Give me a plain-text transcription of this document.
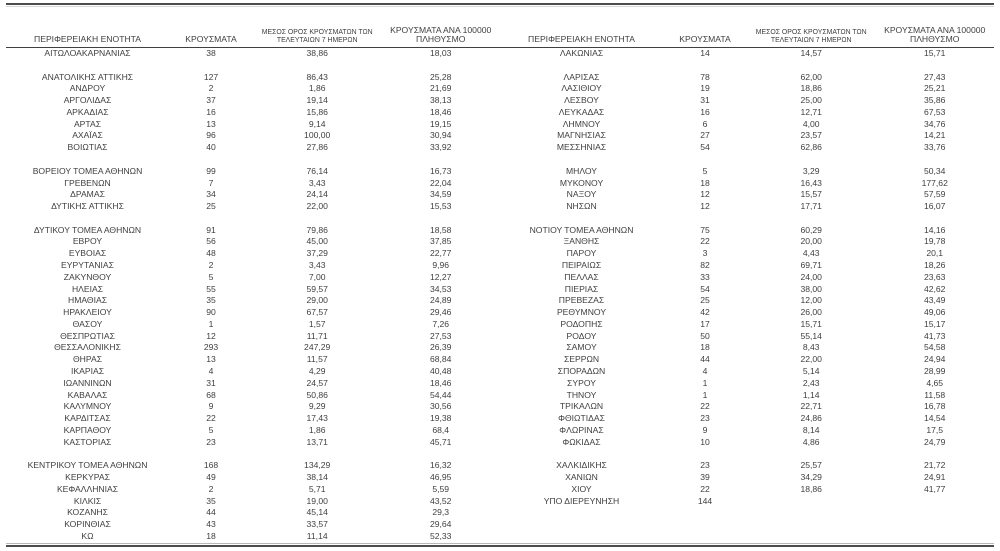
ΠΕΡΙΦΕΡΕΙΑΚΗ ΕΝΟΤΗΤΑ	ΚΡΟΥΣΜΑΤΑ	ΜΕΣΟΣ ΟΡΟΣ ΚΡΟΥΣΜΑΤΩΝ ΤΩΝ ΤΕΛΕΥΤΑΙΩΝ 7 ΗΜΕΡΩΝ	ΚΡΟΥΣΜΑΤΑ ΑΝΑ 100000 ΠΛΗΘΥΣΜΟ
ΑΙΤΩΛΟΑΚΑΡΝΑΝΙΑΣ	38	38,86	18,03

ΑΝΑΤΟΛΙΚΗΣ ΑΤΤΙΚΗΣ	127	86,43	25,28
ΑΝΔΡΟΥ	2	1,86	21,69
ΑΡΓΟΛΙΔΑΣ	37	19,14	38,13
ΑΡΚΑΔΙΑΣ	16	15,86	18,46
ΑΡΤΑΣ	13	9,14	19,15
ΑΧΑΪΑΣ	96	100,00	30,94
ΒΟΙΩΤΙΑΣ	40	27,86	33,92

ΒΟΡΕΙΟΥ ΤΟΜΕΑ ΑΘΗΝΩΝ	99	76,14	16,73
ΓΡΕΒΕΝΩΝ	7	3,43	22,04
ΔΡΑΜΑΣ	34	24,14	34,59
ΔΥΤΙΚΗΣ ΑΤΤΙΚΗΣ	25	22,00	15,53

ΔΥΤΙΚΟΥ ΤΟΜΕΑ ΑΘΗΝΩΝ	91	79,86	18,58
ΕΒΡΟΥ	56	45,00	37,85
ΕΥΒΟΙΑΣ	48	37,29	22,77
ΕΥΡΥΤΑΝΙΑΣ	2	3,43	9,96
ΖΑΚΥΝΘΟΥ	5	7,00	12,27
ΗΛΕΙΑΣ	55	59,57	34,53
ΗΜΑΘΙΑΣ	35	29,00	24,89
ΗΡΑΚΛΕΙΟΥ	90	67,57	29,46
ΘΑΣΟΥ	1	1,57	7,26
ΘΕΣΠΡΩΤΙΑΣ	12	11,71	27,53
ΘΕΣΣΑΛΟΝΙΚΗΣ	293	247,29	26,39
ΘΗΡΑΣ	13	11,57	68,84
ΙΚΑΡΙΑΣ	4	4,29	40,48
ΙΩΑΝΝΙΝΩΝ	31	24,57	18,46
ΚΑΒΑΛΑΣ	68	50,86	54,44
ΚΑΛΥΜΝΟΥ	9	9,29	30,56
ΚΑΡΔΙΤΣΑΣ	22	17,43	19,38
ΚΑΡΠΑΘΟΥ	5	1,86	68,4
ΚΑΣΤΟΡΙΑΣ	23	13,71	45,71

ΚΕΝΤΡΙΚΟΥ ΤΟΜΕΑ ΑΘΗΝΩΝ	168	134,29	16,32
ΚΕΡΚΥΡΑΣ	49	38,14	46,95
ΚΕΦΑΛΛΗΝΙΑΣ	2	5,71	5,59
ΚΙΛΚΙΣ	35	19,00	43,52
ΚΟΖΑΝΗΣ	44	45,14	29,3
ΚΟΡΙΝΘΙΑΣ	43	33,57	29,64
ΚΩ	18	11,14	52,33
ΠΕΡΙΦΕΡΕΙΑΚΗ ΕΝΟΤΗΤΑ	ΚΡΟΥΣΜΑΤΑ	ΜΕΣΟΣ ΟΡΟΣ ΚΡΟΥΣΜΑΤΩΝ ΤΩΝ ΤΕΛΕΥΤΑΙΩΝ 7 ΗΜΕΡΩΝ	ΚΡΟΥΣΜΑΤΑ ΑΝΑ 100000 ΠΛΗΘΥΣΜΟ
ΛΑΚΩΝΙΑΣ	14	14,57	15,71

ΛΑΡΙΣΑΣ	78	62,00	27,43
ΛΑΣΙΘΙΟΥ	19	18,86	25,21
ΛΕΣΒΟΥ	31	25,00	35,86
ΛΕΥΚΑΔΑΣ	16	12,71	67,53
ΛΗΜΝΟΥ	6	4,00	34,76
ΜΑΓΝΗΣΙΑΣ	27	23,57	14,21
ΜΕΣΣΗΝΙΑΣ	54	62,86	33,76

ΜΗΛΟΥ	5	3,29	50,34
ΜΥΚΟΝΟΥ	18	16,43	177,62
ΝΑΞΟΥ	12	15,57	57,59
ΝΗΣΩΝ	12	17,71	16,07

ΝΟΤΙΟΥ ΤΟΜΕΑ ΑΘΗΝΩΝ	75	60,29	14,16
ΞΑΝΘΗΣ	22	20,00	19,78
ΠΑΡΟΥ	3	4,43	20,1
ΠΕΙΡΑΙΩΣ	82	69,71	18,26
ΠΕΛΛΑΣ	33	24,00	23,63
ΠΙΕΡΙΑΣ	54	38,00	42,62
ΠΡΕΒΕΖΑΣ	25	12,00	43,49
ΡΕΘΥΜΝΟΥ	42	26,00	49,06
ΡΟΔΟΠΗΣ	17	15,71	15,17
ΡΟΔΟΥ	50	55,14	41,73
ΣΑΜΟΥ	18	8,43	54,58
ΣΕΡΡΩΝ	44	22,00	24,94
ΣΠΟΡΑΔΩΝ	4	5,14	28,99
ΣΥΡΟΥ	1	2,43	4,65
ΤΗΝΟΥ	1	1,14	11,58
ΤΡΙΚΑΛΩΝ	22	22,71	16,78
ΦΘΙΩΤΙΔΑΣ	23	24,86	14,54
ΦΛΩΡΙΝΑΣ	9	8,14	17,5
ΦΩΚΙΔΑΣ	10	4,86	24,79

ΧΑΛΚΙΔΙΚΗΣ	23	25,57	21,72
ΧΑΝΙΩΝ	39	34,29	24,91
ΧΙΟΥ	22	18,86	41,77
ΥΠΟ ΔΙΕΡΕΥΝΗΣΗ	144		
